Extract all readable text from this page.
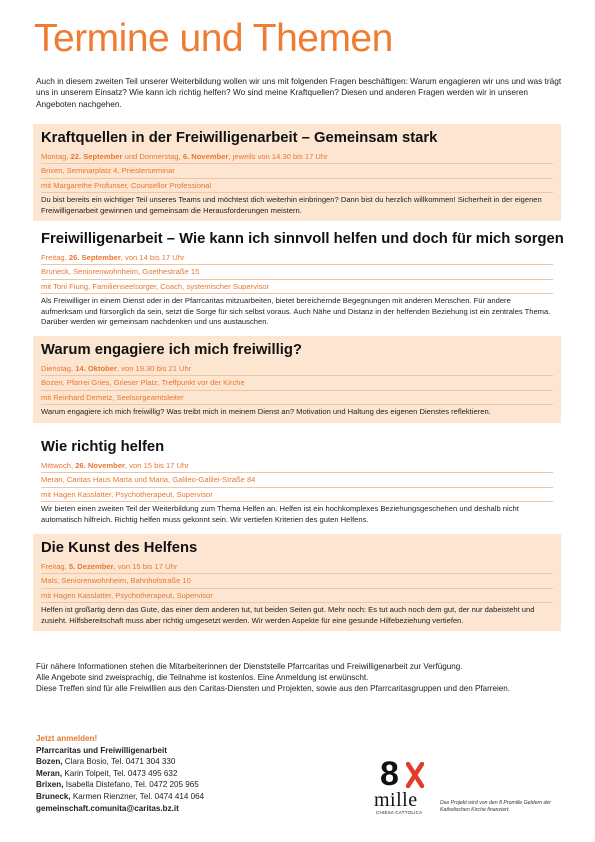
Termine und Themen
Auch in diesem zweiten Teil unserer Weiterbildung wollen wir uns mit folgenden Fragen beschäftigen: Warum engagieren wir uns und was trägt uns in unserem Einsatz? Wie kann ich richtig helfen? Wo sind meine Kraftquellen? Diesen und anderen Fragen werden wir in unseren Angeboten nachgehen.
Kraftquellen in der Freiwilligenarbeit – Gemeinsam stark
Montag, 22. September und Donnerstag, 6. November, jeweils von 14.30 bis 17 Uhr
Brixen, Seminarplatz 4, Priesterseminar
mit Margarethe Profunser, Counsellor Professional
Du bist bereits ein wichtiger Teil unseres Teams und möchtest dich weiterhin einbringen? Dann bist du herzlich willkommen! Sicherheit in der eigenen Freiwilligenarbeit gewinnen und gemeinsam die Herausforderungen meistern.
Freiwilligenarbeit – Wie kann ich sinnvoll helfen und doch für mich sorgen
Freitag, 26. September, von 14 bis 17 Uhr
Bruneck, Seniorenwohnheim, Goethestraße 15
mit Toni Fiung, Familienseelsorger, Coach, systemischer Supervisor
Als Freiwilliger in einem Dienst oder in der Pfarrcaritas mitzuarbeiten, bietet bereichernde Begegnungen mit anderen Menschen. Für andere aufmerksam und fürsorglich da sein, setzt die Sorge für sich selbst voraus. Auch Nähe und Distanz in der helfenden Beziehung ist ein zentrales Thema. Darüber werden wir gemeinsam nachdenken und uns austauschen.
Warum engagiere ich mich freiwillig?
Dienstag, 14. Oktober, von 19.30 bis 21 Uhr
Bozen, Pfarrei Gries, Grieser Platz, Treffpunkt vor der Kirche
mit Reinhard Demetz, Seelsorgeamtsleiter
Warum engagiere ich mich freiwillig? Was treibt mich in meinem Dienst an? Motivation und Haltung des eigenen Dienstes reflektieren.
Wie richtig helfen
Mittwoch, 26. November, von 15 bis 17 Uhr
Meran, Caritas Haus Marta und Maria, Galileo-Galilei-Straße 84
mit Hagen Kasslatter, Psychotherapeut, Supervisor
Wir bieten einen zweiten Teil der Weiterbildung zum Thema Helfen an. Helfen ist ein hochkomplexes Beziehungsgeschehen und deshalb nicht automatisch hilfreich. Richtig helfen muss gekonnt sein. Wir vertiefen Kriterien des guten Helfens.
Die Kunst des Helfens
Freitag, 5. Dezember, von 15 bis 17 Uhr
Mals, Seniorenwohnheim, Bahnhofstraße 10
mit Hagen Kasslatter, Psychotherapeut, Supervisor
Helfen ist großartig denn das Gute, das einer dem anderen tut, tut beiden Seiten gut. Mehr noch: Es tut auch noch dem gut, der nur dabeisteht und zusieht. Hilfsbereitschaft muss aber richtig umgesetzt werden. Wir werden Aspekte für eine gesunde Hilfebeziehung vertiefen.
Für nähere Informationen stehen die Mitarbeiterinnen der Dienststelle Pfarrcaritas und Freiwilligenarbeit zur Verfügung.
Alle Angebote sind zweisprachig, die Teilnahme ist kostenlos. Eine Anmeldung ist erwünscht.
Diese Treffen sind für alle Freiwillien aus den Caritas-Diensten und Projekten, sowie aus den Pfarrcaritasgruppen und den Pfarreien.
Jetzt anmelden!
Pfarrcaritas und Freiwilligenarbeit
Bozen, Clara Bosio, Tel. 0471 304 330
Meran, Karin Tolpeit, Tel. 0473 495 632
Brixen, Isabella Distefano, Tel. 0472 205 965
Bruneck, Karmen Rienzner, Tel. 0474 414 064
gemeinschaft.comunita@caritas.bz.it
8
mille
CHIESA CATTOLICA
Das Projekt wird von den 8 Promille Geldern der Katholischen Kirche finanziert.
